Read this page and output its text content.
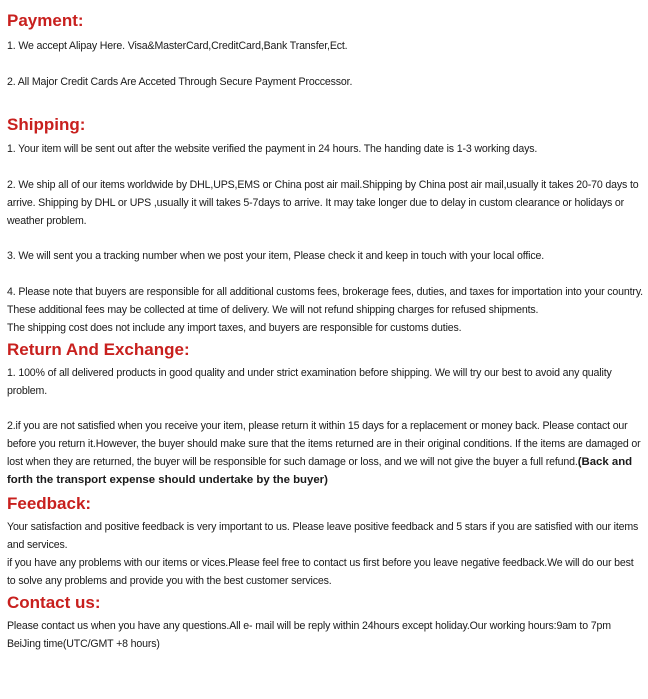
Payment:

1. We accept Alipay Here. Visa&MasterCard,CreditCard,Bank Transfer,Ect.

2. All Major Credit Cards Are Acceted Through Secure Payment Proccessor.

Shipping:

1. Your item will be sent out after the website verified the payment in 24 hours. The handing date is 1-3 working days.

2. We ship all of our items worldwide by DHL,UPS,EMS or China post air mail.Shipping by China post air mail,usually it takes 20-70 days to arrive. Shipping by DHL or UPS ,usually it will takes 5-7days to arrive. It may take longer due to delay in custom clearance or holidays or weather problem.

3. We will sent you a tracking number when we post your item, Please check it and keep in touch with your local office.

4. Please note that buyers are responsible for all additional customs fees, brokerage fees, duties, and taxes for importation into your country. These additional fees may be collected at time of delivery. We will not refund shipping charges for refused shipments.

The shipping cost does not include any import taxes, and buyers are responsible for customs duties.

Return And Exchange:

1. 100% of all delivered products in good quality and under strict examination before shipping. We will try our best to avoid any quality problem.

2.if you are not satisfied when you receive your item, please return it within 15 days for a replacement or money back. Please contact our before you return it.However, the buyer should make sure that the items returned are in their original conditions. If the items are damaged or lost when they are returned, the buyer will be responsible for such damage or loss, and we will not give the buyer a full refund.(Back and forth the transport expense should undertake by the buyer)

Feedback:

Your satisfaction and positive feedback is very important to us. Please leave positive feedback and 5 stars if you are satisfied with our items and services.

if you have any problems with our items or vices.Please feel free to contact us first before you leave negative feedback.We will do our best to solve any problems and provide you with the best customer services.

Contact us:

Please contact us when you have any questions.All e- mail will be reply within 24hours except holiday.Our working hours:9am to 7pm BeiJing time(UTC/GMT +8 hours)
